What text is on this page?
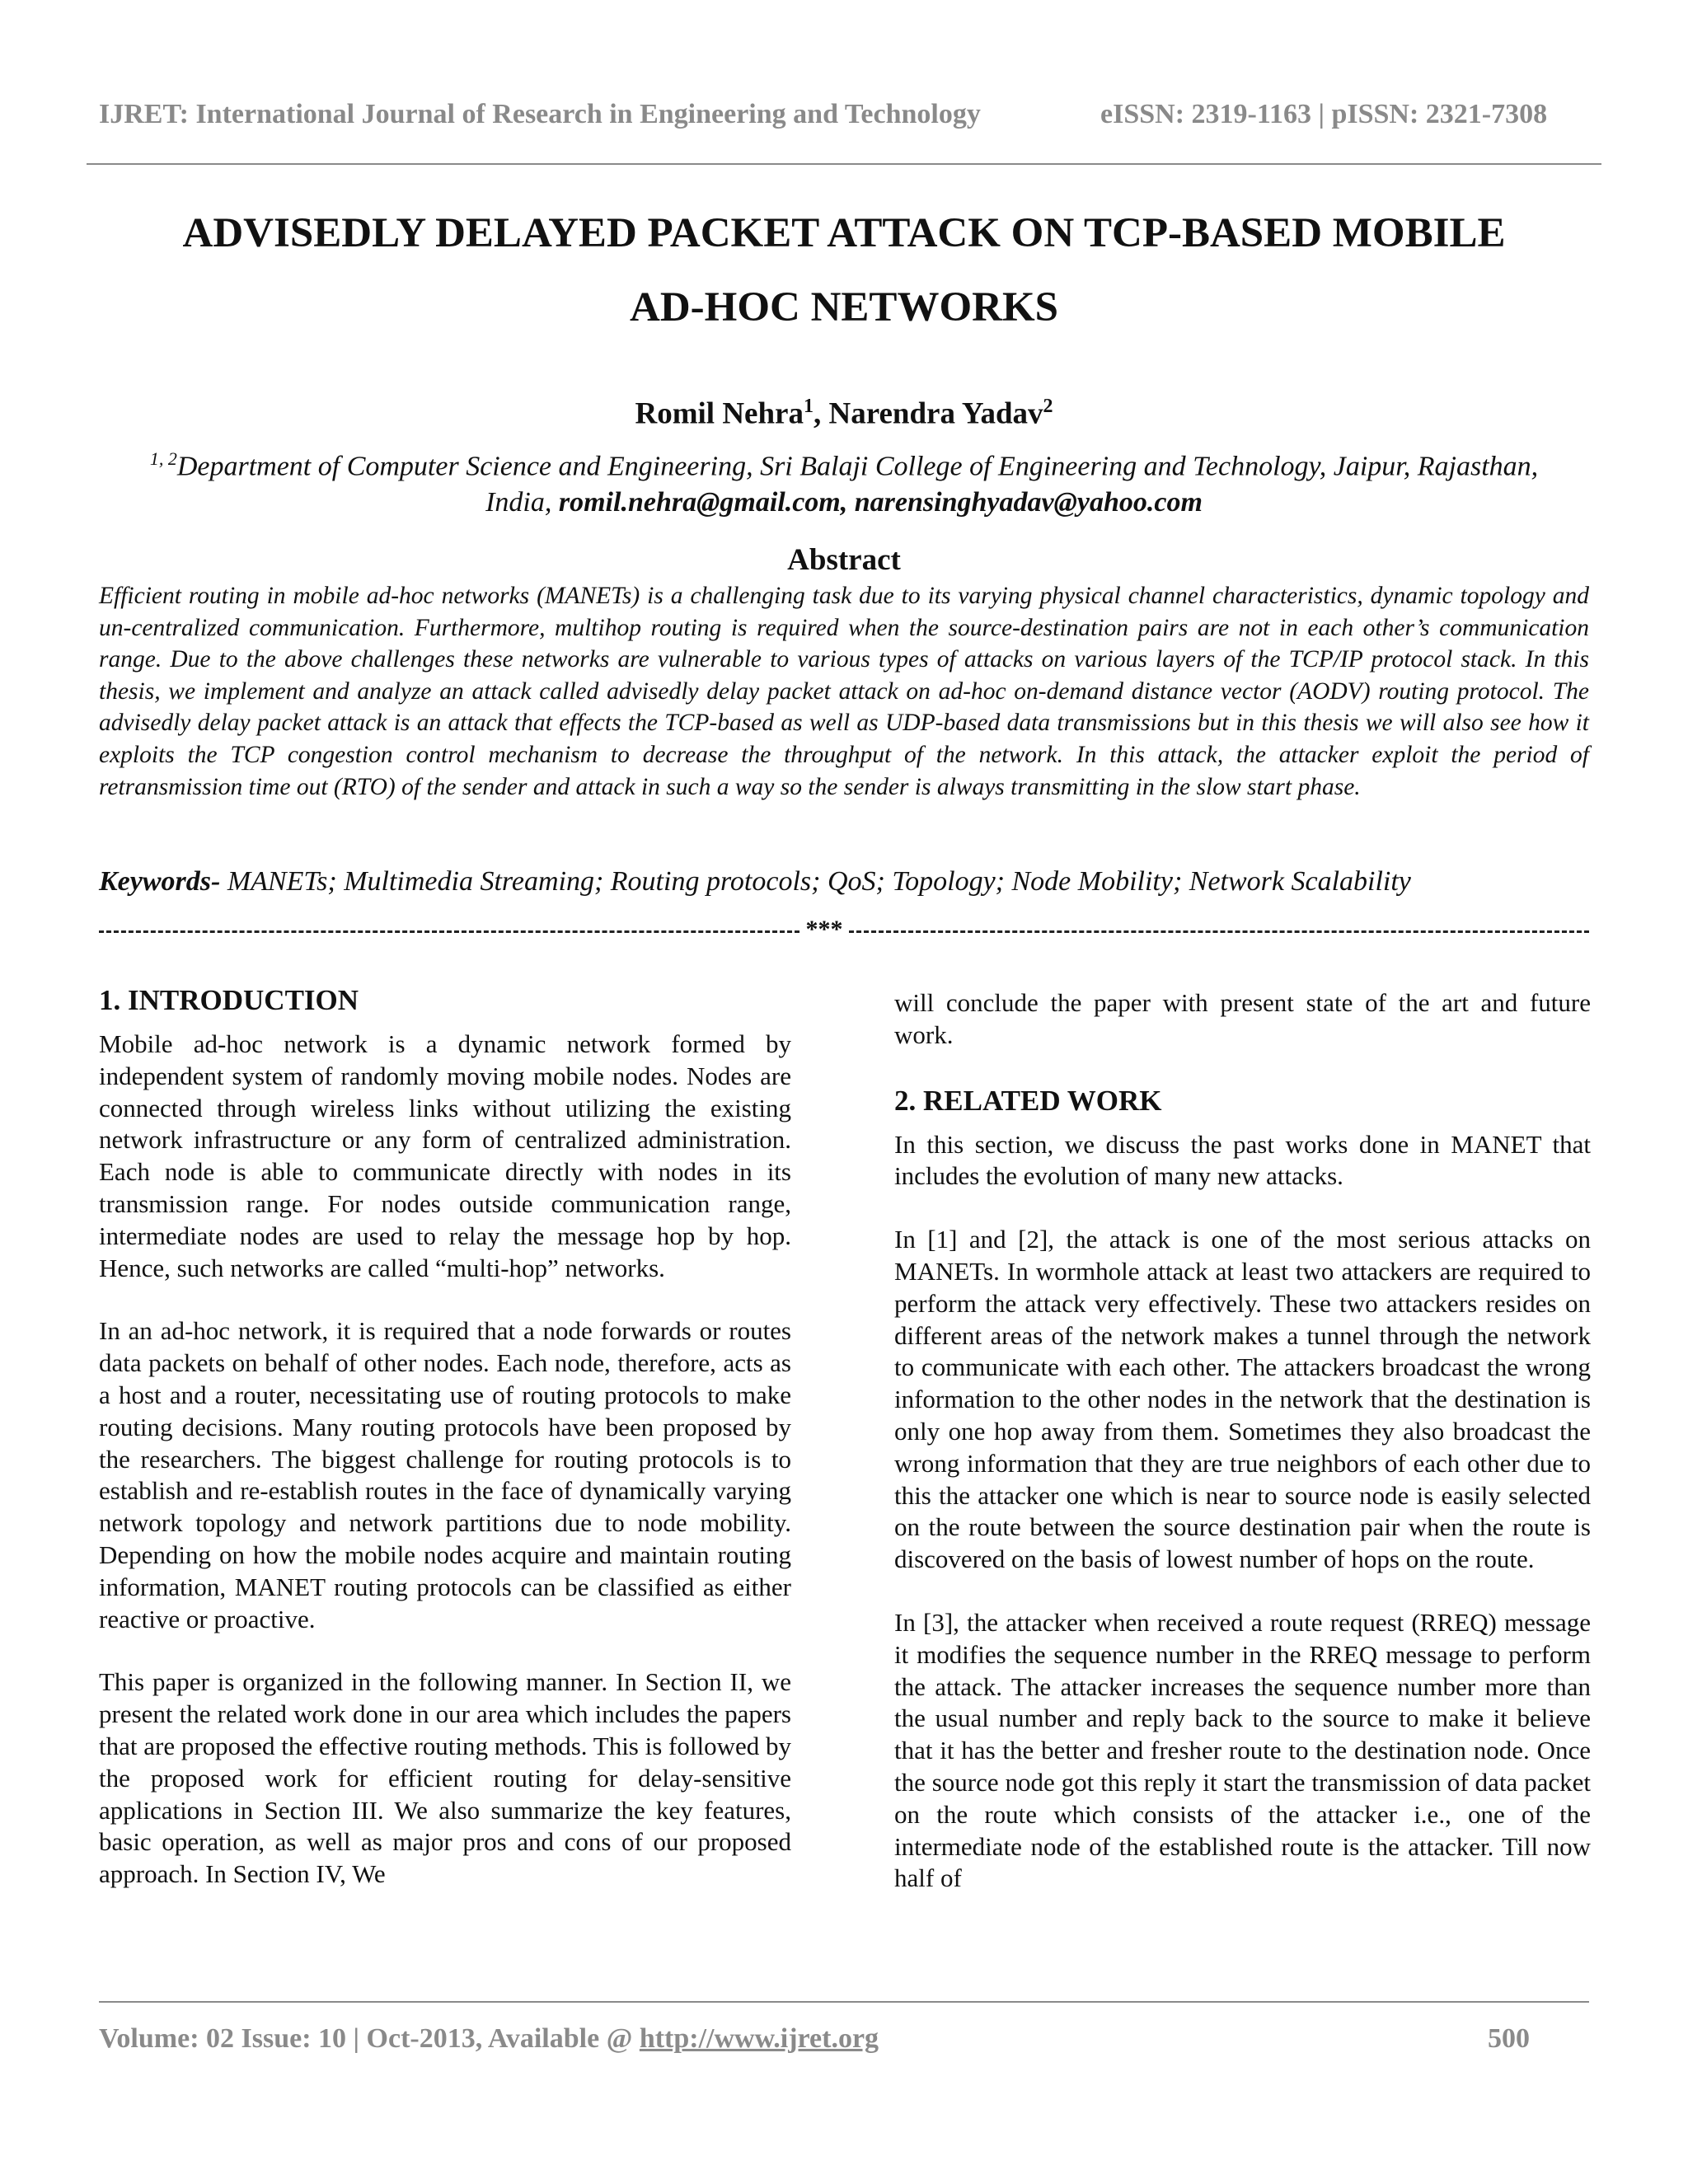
IJRET: International Journal of Research in Engineering and Technology	eISSN: 2319-1163 | pISSN: 2321-7308
ADVISEDLY DELAYED PACKET ATTACK ON TCP-BASED MOBILE
AD-HOC NETWORKS

Romil Nehra$^1$, Narendra Yadav$^2$

$^{1, 2}$Department of Computer Science and Engineering, Sri Balaji College of Engineering and Technology, Jaipur, Rajasthan, India, romil.nehra@gmail.com, narensinghyadav@yahoo.com

Abstract

Efficient routing in mobile ad-hoc networks (MANETs) is a challenging task due to its varying physical channel characteristics, dynamic topology and un-centralized communication. Furthermore, multihop routing is required when the source-destination pairs are not in each other’s communication range. Due to the above challenges these networks are vulnerable to various types of attacks on various layers of the TCP/IP protocol stack. In this thesis, we implement and analyze an attack called advisedly delay packet attack on ad-hoc on-demand distance vector (AODV) routing protocol. The advisedly delay packet attack is an attack that effects the TCP-based as well as UDP-based data transmissions but in this thesis we will also see how it exploits the TCP congestion control mechanism to decrease the throughput of the network. In this attack, the attacker exploit the period of retransmission time out (RTO) of the sender and attack in such a way so the sender is always transmitting in the slow start phase.

Keywords- MANETs; Multimedia Streaming; Routing protocols; QoS; Topology; Node Mobility; Network Scalability

***
1. INTRODUCTION

Mobile ad-hoc network is a dynamic network formed by independent system of randomly moving mobile nodes. Nodes are connected through wireless links without utilizing the existing network infrastructure or any form of centralized administration. Each node is able to communicate directly with nodes in its transmission range. For nodes outside communication range, intermediate nodes are used to relay the message hop by hop. Hence, such networks are called “multi-hop” networks.

In an ad-hoc network, it is required that a node forwards or routes data packets on behalf of other nodes. Each node, therefore, acts as a host and a router, necessitating use of routing protocols to make routing decisions. Many routing protocols have been proposed by the researchers. The biggest challenge for routing protocols is to establish and re-establish routes in the face of dynamically varying network topology and network partitions due to node mobility. Depending on how the mobile nodes acquire and maintain routing information, MANET routing protocols can be classified as either reactive or proactive.

This paper is organized in the following manner. In Section II, we present the related work done in our area which includes the papers that are proposed the effective routing methods. This is followed by the proposed work for efficient routing for delay-sensitive applications in Section III. We also summarize the key features, basic operation, as well as major pros and cons of our proposed approach. In Section IV, We

will conclude the paper with present state of the art and future work.

2. RELATED WORK

In this section, we discuss the past works done in MANET that includes the evolution of many new attacks.

In [1] and [2], the attack is one of the most serious attacks on MANETs. In wormhole attack at least two attackers are required to perform the attack very effectively. These two attackers resides on different areas of the network makes a tunnel through the network to communicate with each other. The attackers broadcast the wrong information to the other nodes in the network that the destination is only one hop away from them. Sometimes they also broadcast the wrong information that they are true neighbors of each other due to this the attacker one which is near to source node is easily selected on the route between the source destination pair when the route is discovered on the basis of lowest number of hops on the route.

In [3], the attacker when received a route request (RREQ) message it modifies the sequence number in the RREQ message to perform the attack. The attacker increases the sequence number more than the usual number and reply back to the source to make it believe that it has the better and fresher route to the destination node. Once the source node got this reply it start the transmission of data packet on the route which consists of the attacker i.e., one of the intermediate node of the established route is the attacker. Till now half of

Volume: 02 Issue: 10 | Oct-2013, Available @ http://www.ijret.org	500
